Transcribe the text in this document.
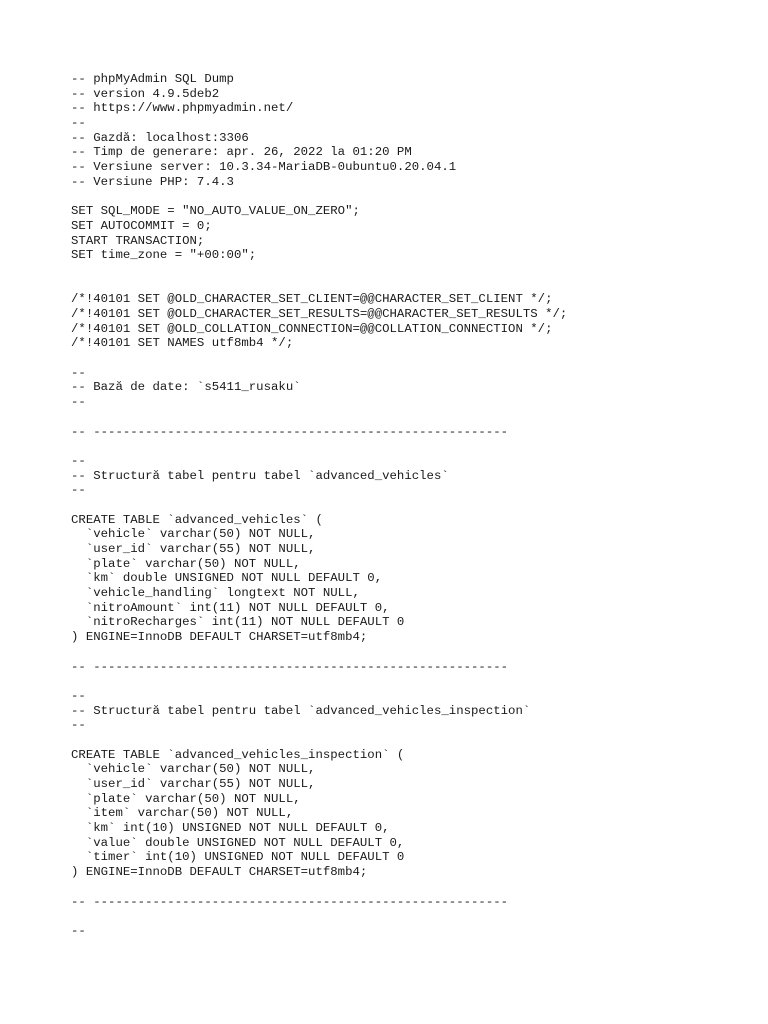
-- phpMyAdmin SQL Dump
-- version 4.9.5deb2
-- https://www.phpmyadmin.net/
--
-- Gazdă: localhost:3306
-- Timp de generare: apr. 26, 2022 la 01:20 PM
-- Versiune server: 10.3.34-MariaDB-0ubuntu0.20.04.1
-- Versiune PHP: 7.4.3
SET SQL_MODE = "NO_AUTO_VALUE_ON_ZERO";
SET AUTOCOMMIT = 0;
START TRANSACTION;
SET time_zone = "+00:00";
/*!40101 SET @OLD_CHARACTER_SET_CLIENT=@@CHARACTER_SET_CLIENT */;
/*!40101 SET @OLD_CHARACTER_SET_RESULTS=@@CHARACTER_SET_RESULTS */;
/*!40101 SET @OLD_COLLATION_CONNECTION=@@COLLATION_CONNECTION */;
/*!40101 SET NAMES utf8mb4 */;
--
-- Bază de date: `s5411_rusaku`
--
-- --------------------------------------------------------
--
-- Structură tabel pentru tabel `advanced_vehicles`
--
CREATE TABLE `advanced_vehicles` (
`vehicle` varchar(50) NOT NULL,
`user_id` varchar(55) NOT NULL,
`plate` varchar(50) NOT NULL,
`km` double UNSIGNED NOT NULL DEFAULT 0,
`vehicle_handling` longtext NOT NULL,
`nitroAmount` int(11) NOT NULL DEFAULT 0,
`nitroRecharges` int(11) NOT NULL DEFAULT 0
) ENGINE=InnoDB DEFAULT CHARSET=utf8mb4;
-- --------------------------------------------------------
--
-- Structură tabel pentru tabel `advanced_vehicles_inspection`
--
CREATE TABLE `advanced_vehicles_inspection` (
`vehicle` varchar(50) NOT NULL,
`user_id` varchar(55) NOT NULL,
`plate` varchar(50) NOT NULL,
`item` varchar(50) NOT NULL,
`km` int(10) UNSIGNED NOT NULL DEFAULT 0,
`value` double UNSIGNED NOT NULL DEFAULT 0,
`timer` int(10) UNSIGNED NOT NULL DEFAULT 0
) ENGINE=InnoDB DEFAULT CHARSET=utf8mb4;
-- --------------------------------------------------------
--
